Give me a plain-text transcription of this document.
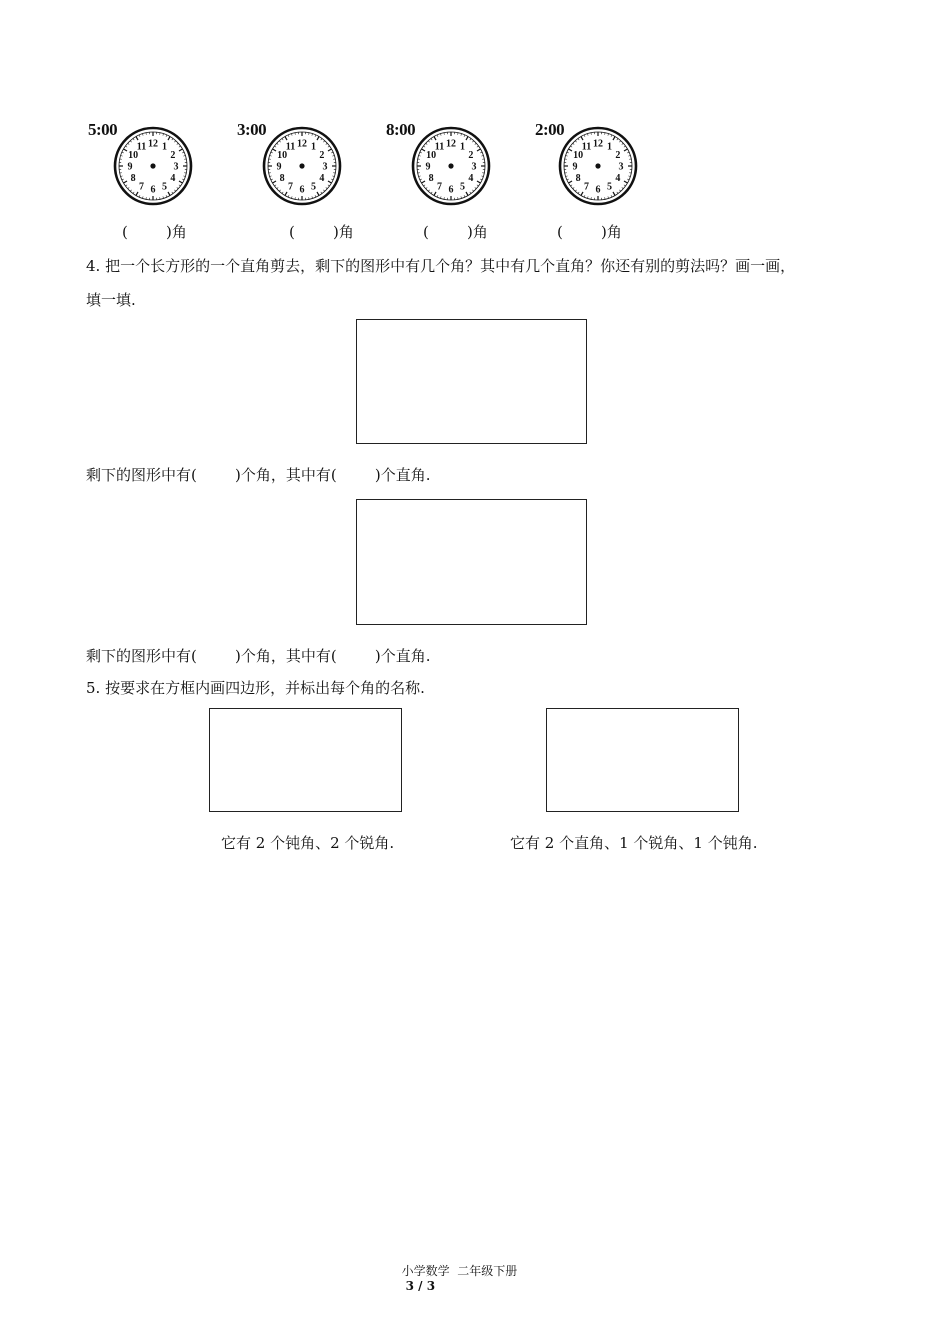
5:00	3:00	8:00	2:00
1
2
3
4
5
6
7
8
9
10
11 12	1
2
3
4
5
6
7
8
9
10
11 12	1
2
3
4
5
6
7
8
9
10
11 12	1
2
3
4
5
6
7
8
9
10
11 12
(        )角	(        )角	(        )角	(        )角
4. 把一个长方形的一个直角剪去，剩下的图形中有几个角？其中有几个直角？你还有别的剪法吗？画一画，
填一填.
剩下的图形中有(        )个角，其中有(        )个直角.
剩下的图形中有(        )个角，其中有(        )个直角.
5. 按要求在方框内画四边形，并标出每个角的名称.
它有 2 个钝角、2 个锐角.	它有 2 个直角、1 个锐角、1 个钝角.

小学数学  二年级下册
3 / 3
